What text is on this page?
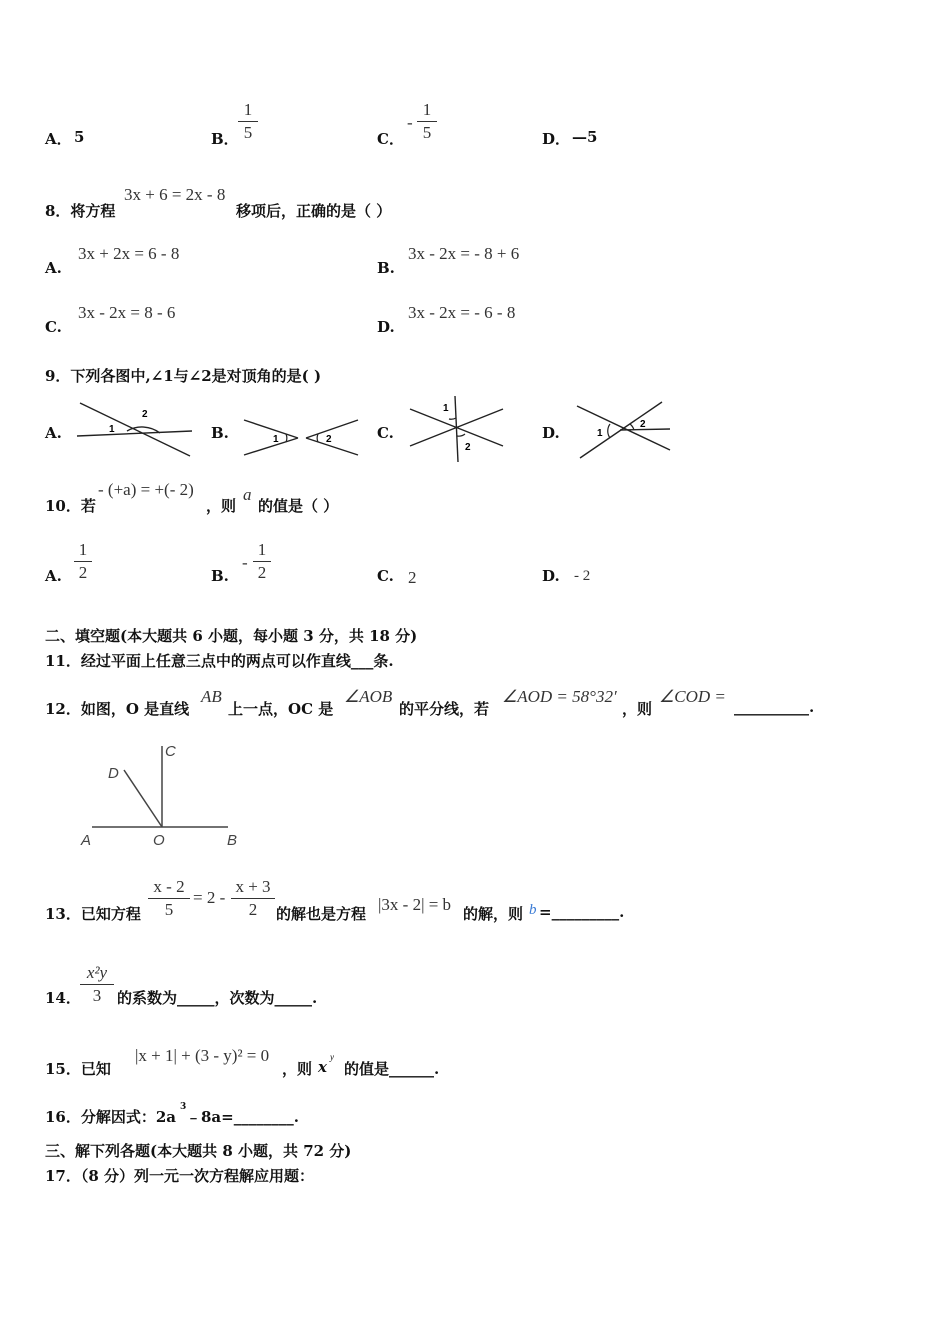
A． 5	B．
1
5	C．
-
1
5	D． —5
8．将方程
3x + 6 = 2x - 8
移项后，正确的是（ ）
A.
3x + 2x = 6 - 8
B.
3x - 2x = - 8 + 6
C.
3x - 2x = 8 - 6
D.
3x - 2x = - 6 - 8
9．下列各图中,∠1与∠2是对顶角的是( )
A.	1
2
B.	1	2	C.
1
2
D.	1
2
10．若
- (+a) = +(- 2)
，则
a
的值是（ ）
A.
1
2	B.
-
1
2	C. 2	D. - 2
二、填空题(本大题共 6 小题，每小题 3 分，共 18 分)
11．经过平面上任意三点中的两点可以作直线___条.
12．如图，O 是直线
AB
上一点，OC 是
∠AOB
的平分线，若
∠AOD = 58°32′
，则
∠COD =
__________.
C
D
A	O	B
13．已知方程
x - 2
5
= 2 -
x + 3
2	的解也是方程 |3x - 2| = b 的解，则 b =_________.
14．
x²y
3	的系数为_____，次数为_____.
15．已知
|x + 1| + (3 - y)² = 0
，则 x
y
的值是______.
16．分解因式：2a
3
﹣8a=________.
三、解下列各题(本大题共 8 小题，共 72 分)
17．（8 分）列一元一次方程解应用题：
